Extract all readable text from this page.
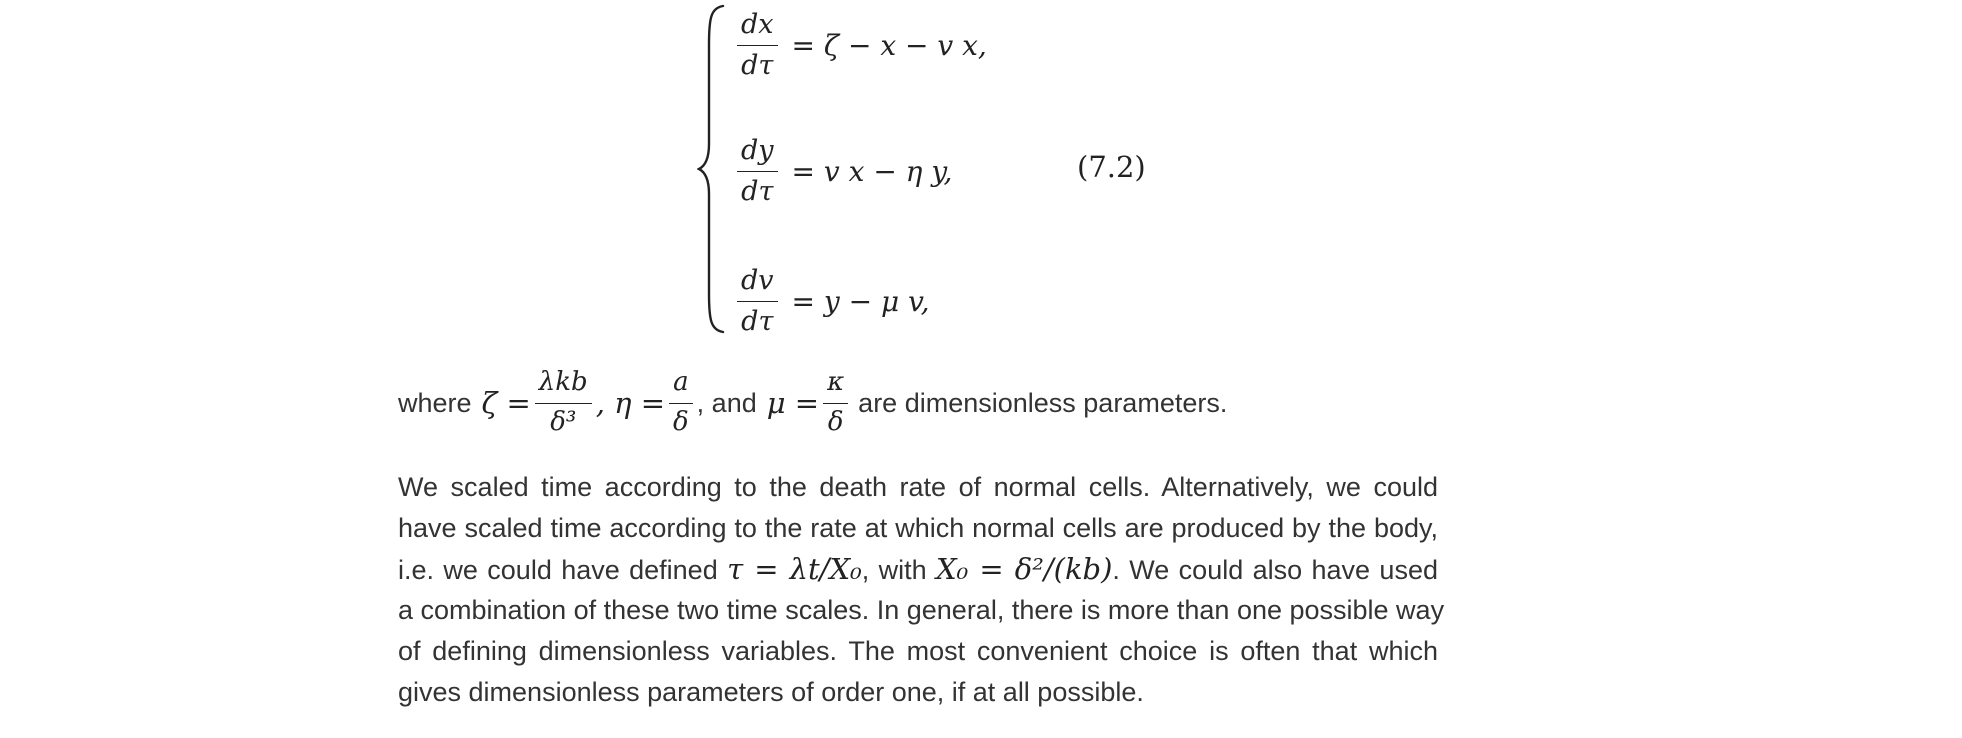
$\frac{dx}{d\tau} = \zeta - x - v$ x,
$\frac{dy}{d\tau} = v$ x − η y,
$\frac{dv}{d\tau} = y - \mu$ v,
(7.2)
where $\zeta = \frac{\text{λkb}}{\text{δ³}}$ , $\eta = \frac{a}{\delta}$ , and $\mu = \frac{\kappa}{\delta}$ are dimensionless parameters.
We scaled time according to the death rate of normal cells. Alternatively, we could
have scaled time according to the rate at which normal cells are produced by the body,
i.e. we could have defined τ = λt/X₀, with X₀ = δ²/(kb). We could also have used
a combination of these two time scales. In general, there is more than one possible way
of defining dimensionless variables. The most convenient choice is often that which
gives dimensionless parameters of order one, if at all possible.
